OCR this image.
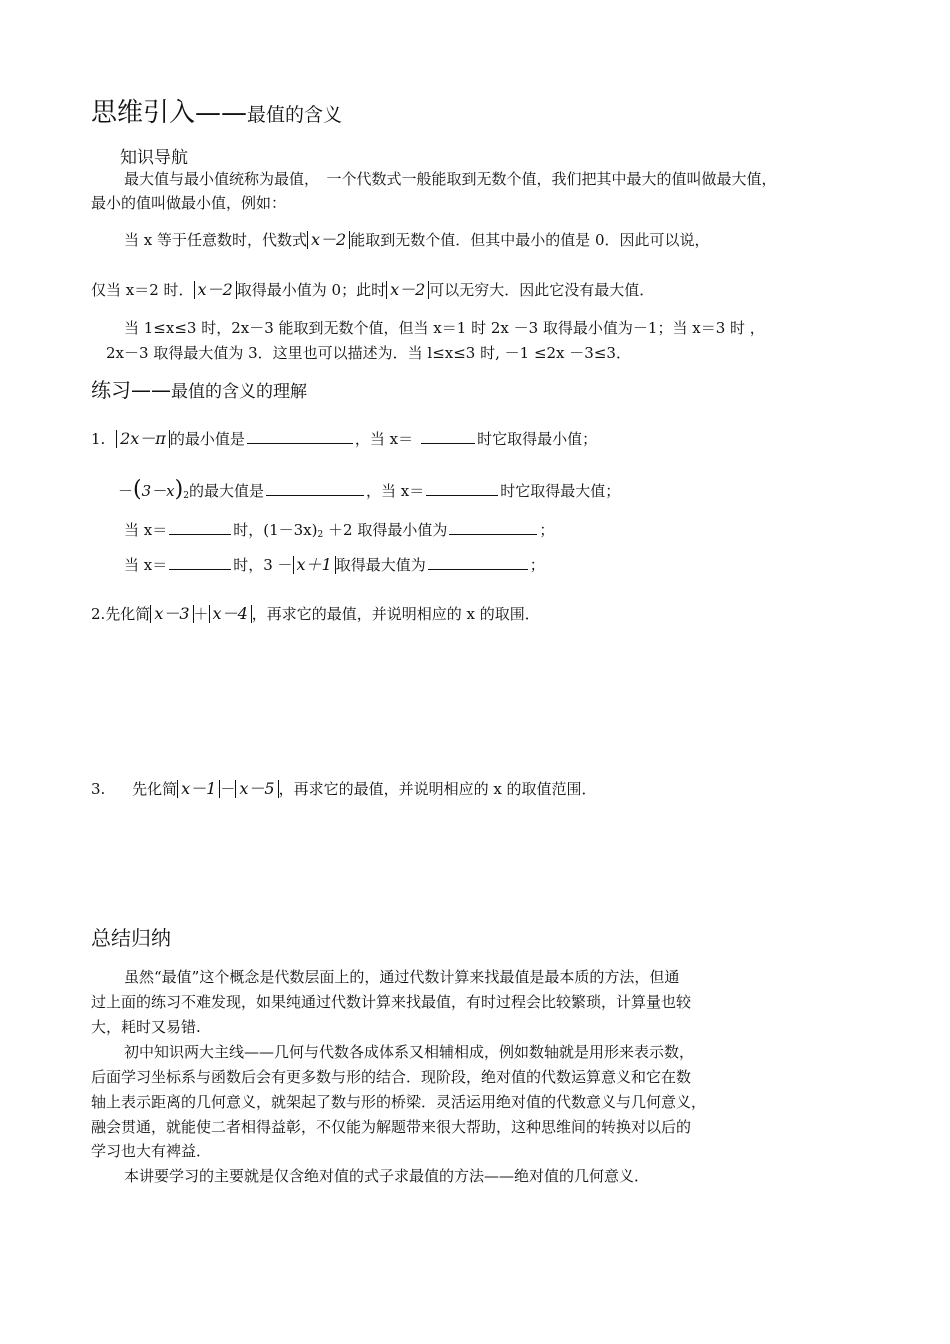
思维引入——最值的含义
知识导航
最大值与最小值统称为最值，　一个代数式一般能取到无数个值，我们把其中最大的值叫做最大值，
最小的值叫做最小值，例如：
当 x 等于任意数时，代数式 x－2 能取到无数个值．但其中最小的值是 0．因此可以说，
仅当 x＝2 时． x－2 取得最小值为 0；此时 x－2 可以无穷大．因此它没有最大值．
当 1≤x≤3 时，2x－3 能取到无数个值，但当 x＝1 时 2x －3 取得最小值为－1；当 x＝3 时 ，
2x－3 取得最大值为 3．这里也可以描述为．当 l≤x≤3 时, －1 ≤2x －3≤3．
练习——最值的含义的理解
1. 2x－π 的最小值是	，当 x＝	时它取得最小值；
$-(3-x)^2$的最大值是	，当 x＝	时它取得最大值；
当 x＝	时，$(1-3x)^2 +2$ 取得最小值为	；
当 x＝	时，3 － x＋1 取得最大值为	；
2.先化简 x－3 ＋ x－4 ，再求它的最值，并说明相应的 x 的取围．
3. 先化简 x－1 － x－5 ，再求它的最值，并说明相应的 x 的取值范围．
总结归纳
虽然“最值”这个概念是代数层面上的，通过代数计算来找最值是最本质的方法，但通
过上面的练习不难发现，如果纯通过代数计算来找最值，有时过程会比较繁琐，计算量也较
大，耗时又易错.
初中知识两大主线——几何与代数各成体系又相辅相成，例如数轴就是用形来表示数，
后面学习坐标系与函数后会有更多数与形的结合．现阶段，绝对值的代数运算意义和它在数
轴上表示距离的几何意义，就架起了数与形的桥梁．灵活运用绝对值的代数意义与几何意义，
融会贯通，就能使二者相得益彰，不仅能为解题带来很大帮助，这种思维间的转换对以后的
学习也大有裨益．
本讲要学习的主要就是仅含绝对值的式子求最值的方法——绝对值的几何意义．
